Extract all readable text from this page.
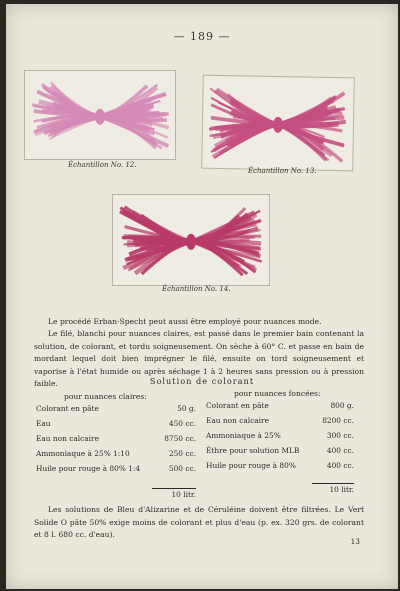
— 189 —
Échantillon No. 12.
Échantillon No. 13.
Échantillon No. 14.
Le procédé Erban-Specht peut aussi être employé pour nuances mode.
Le filé, blanchi pour nuances claires, est passé dans le premier bain contenant la solution, de colorant, et tordu soigneusement. On sèche à 60° C. et passe en bain de mordant lequel doit bien imprégner le filé, ensuite on tord soigneusement et vaporise à l'état humide ou après séchage 1 à 2 heures sans pression ou à pression faible.	Solution de colorant
pour nuances claires:	pour nuances foncées:
Colorant en pâte	50 g.
Eau	450 cc.
Eau non calcaire	8750 cc.
Ammoniaque à 25% 1:10	250 cc.
Huile pour rouge à 80% 1:4	500 cc.
Colorant en pâte	800 g.
Eau non calcaire	8200 cc.
Ammoniaque à 25%	300 cc.
Éthre pour solution MLB	400 cc.
Huile pour rouge à 80%	400 cc.
10 litr.
10 litr.
Les solutions de Bleu d'Alizarine et de Céruléine doivent être filtrées. Le Vert Solide O pâte 50% exige moins de colorant et plus d'eau (p. ex. 320 grs. de colorant et 8 l. 680 cc. d'eau).
13
